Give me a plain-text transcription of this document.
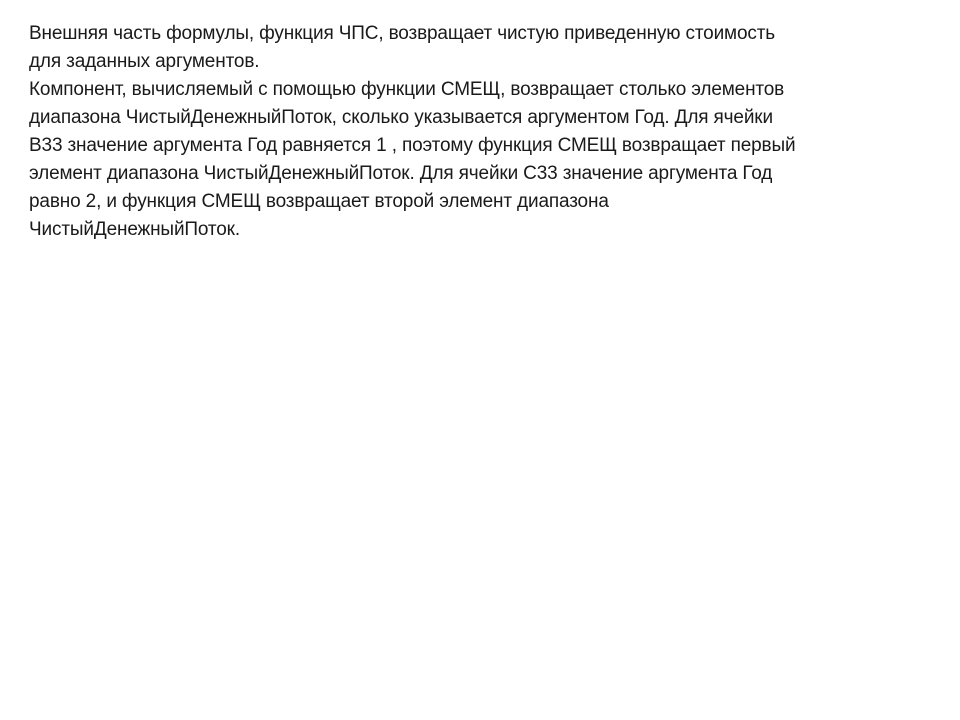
Внешняя часть формулы, функция ЧПС, возвращает чистую приведенную стоимость
для заданных аргументов.

Компонент, вычисляемый с помощью функции СМЕЩ, возвращает столько элементов
диапазона ЧистыйДенежныйПоток, сколько указывается аргументом Год. Для ячейки
B33 значение аргумента Год равняется 1 , поэтому функция СМЕЩ возвращает первый
элемент диапазона ЧистыйДенежныйПоток. Для ячейки C33 значение аргумента Год
равно 2, и функция СМЕЩ возвращает второй элемент диапазона
ЧистыйДенежныйПоток.
